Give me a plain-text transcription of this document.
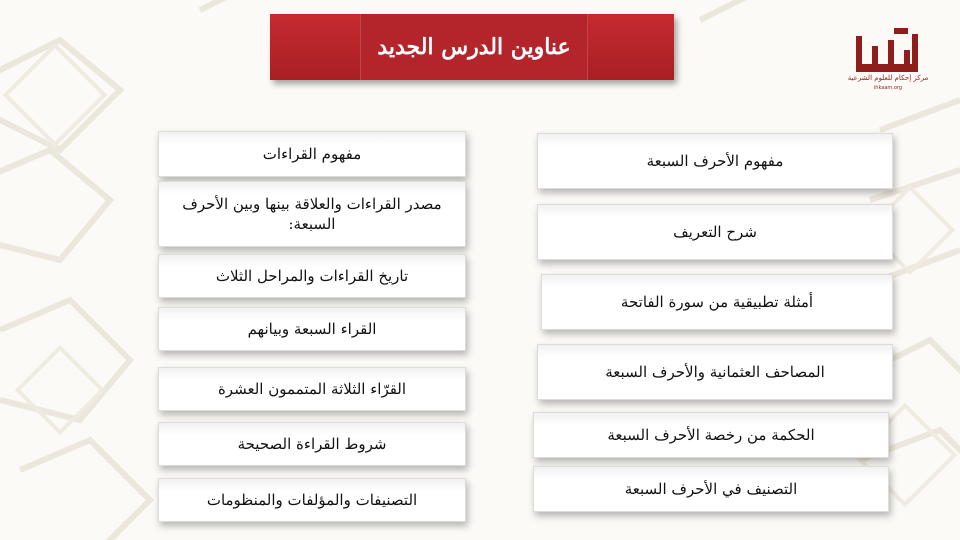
عناوين الدرس الجديد
مركز إحكام للعلوم الشرعية
ihkaam.org
مفهوم القراءات
مصدر القراءات والعلاقة بينها وبين الأحرف السبعة:
تاريخ القراءات والمراحل الثلاث
القراء السبعة وبيانهم
القرّاء الثلاثة المتممون العشرة
شروط القراءة الصحيحة
التصنيفات والمؤلفات والمنظومات
مفهوم الأحرف السبعة
شرح التعريف
أمثلة تطبيقية من سورة الفاتحة
المصاحف العثمانية والأحرف السبعة
الحكمة من رخصة الأحرف السبعة
التصنيف في الأحرف السبعة
